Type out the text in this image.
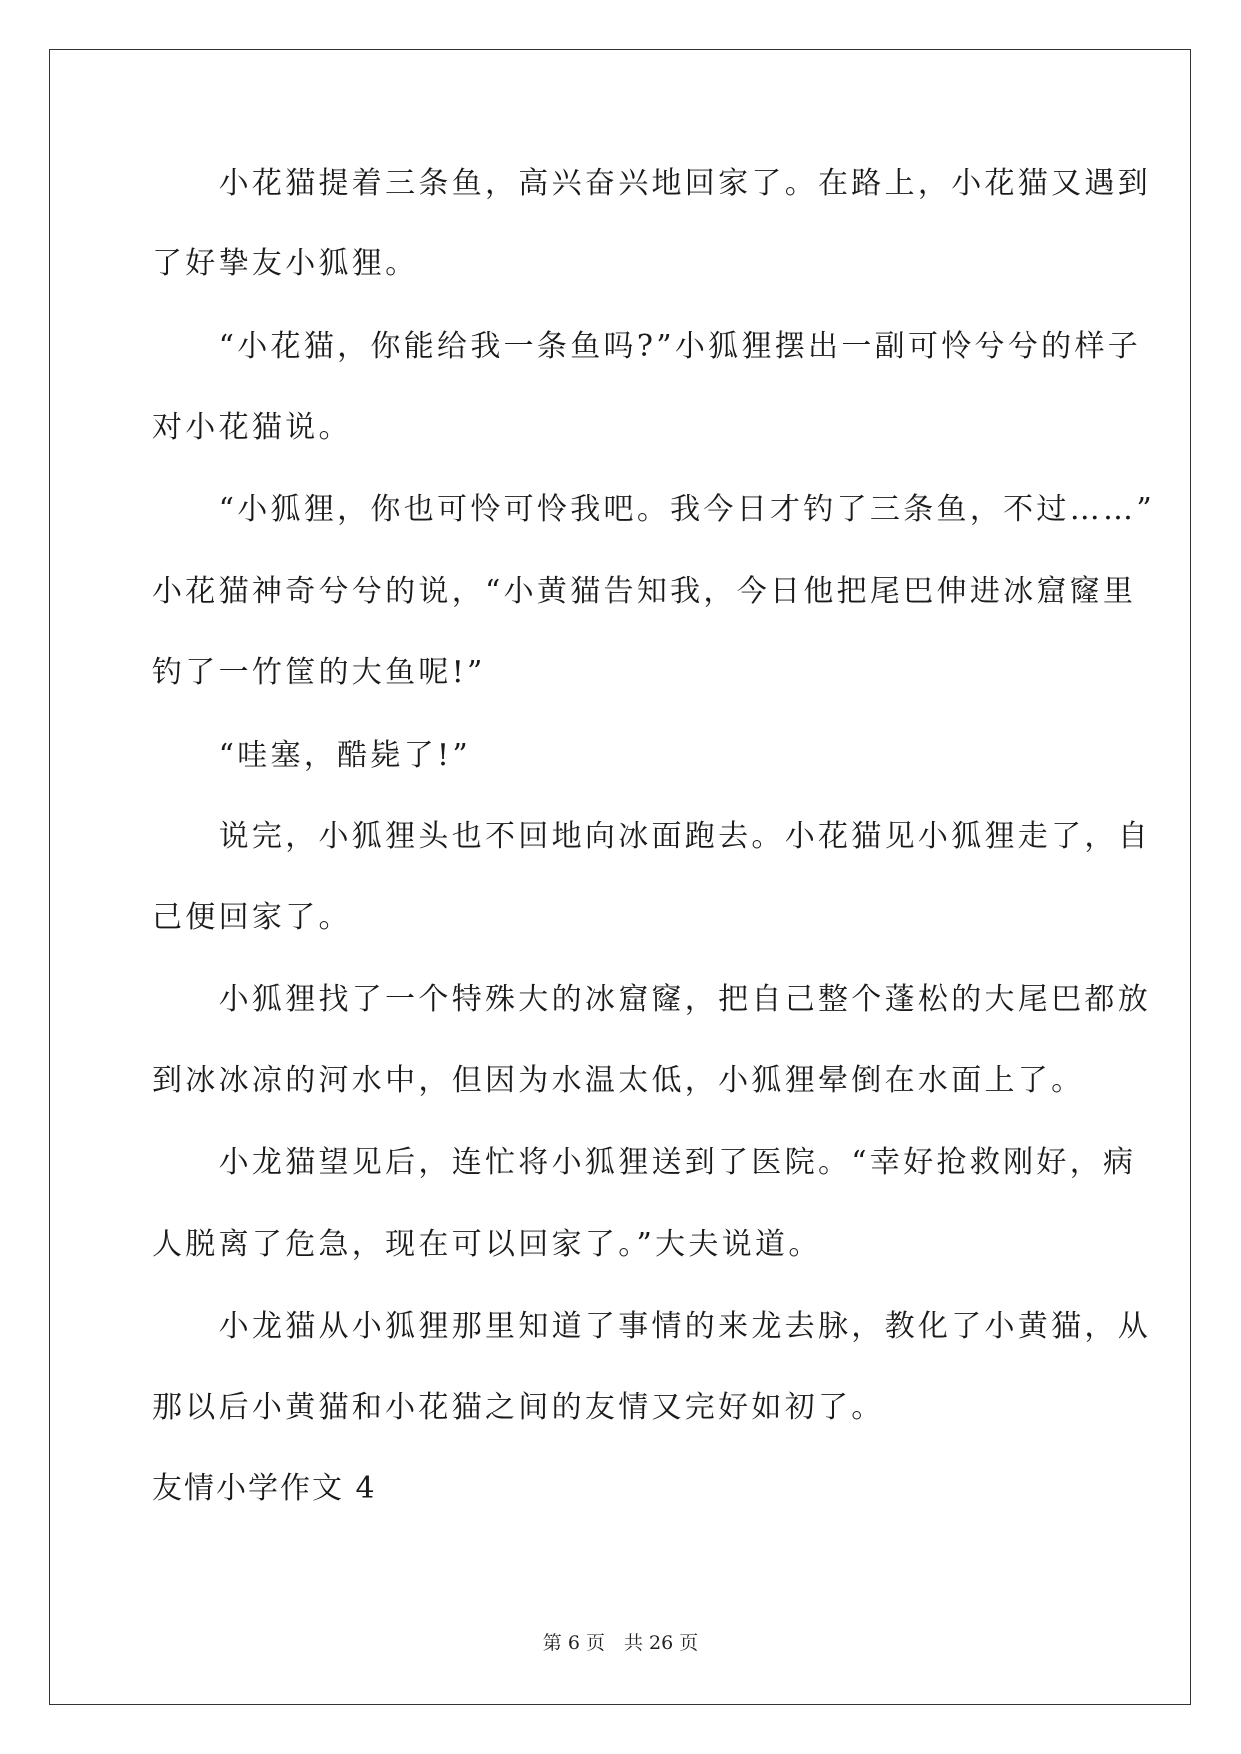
　　小花猫提着三条鱼，高兴奋兴地回家了。在路上，小花猫又遇到
了好挚友小狐狸。
　　“小花猫，你能给我一条鱼吗?”小狐狸摆出一副可怜兮兮的样子
对小花猫说。
　　“小狐狸，你也可怜可怜我吧。我今日才钓了三条鱼，不过……”
小花猫神奇兮兮的说，“小黄猫告知我，今日他把尾巴伸进冰窟窿里
钓了一竹筐的大鱼呢!”
　　“哇塞，酷毙了!”
　　说完，小狐狸头也不回地向冰面跑去。小花猫见小狐狸走了，自
己便回家了。
　　小狐狸找了一个特殊大的冰窟窿，把自己整个蓬松的大尾巴都放
到冰冰凉的河水中，但因为水温太低，小狐狸晕倒在水面上了。
　　小龙猫望见后，连忙将小狐狸送到了医院。“幸好抢救刚好，病
人脱离了危急，现在可以回家了。”大夫说道。
　　小龙猫从小狐狸那里知道了事情的来龙去脉，教化了小黄猫，从
那以后小黄猫和小花猫之间的友情又完好如初了。
友情小学作文 4
第 6 页　共 26 页
